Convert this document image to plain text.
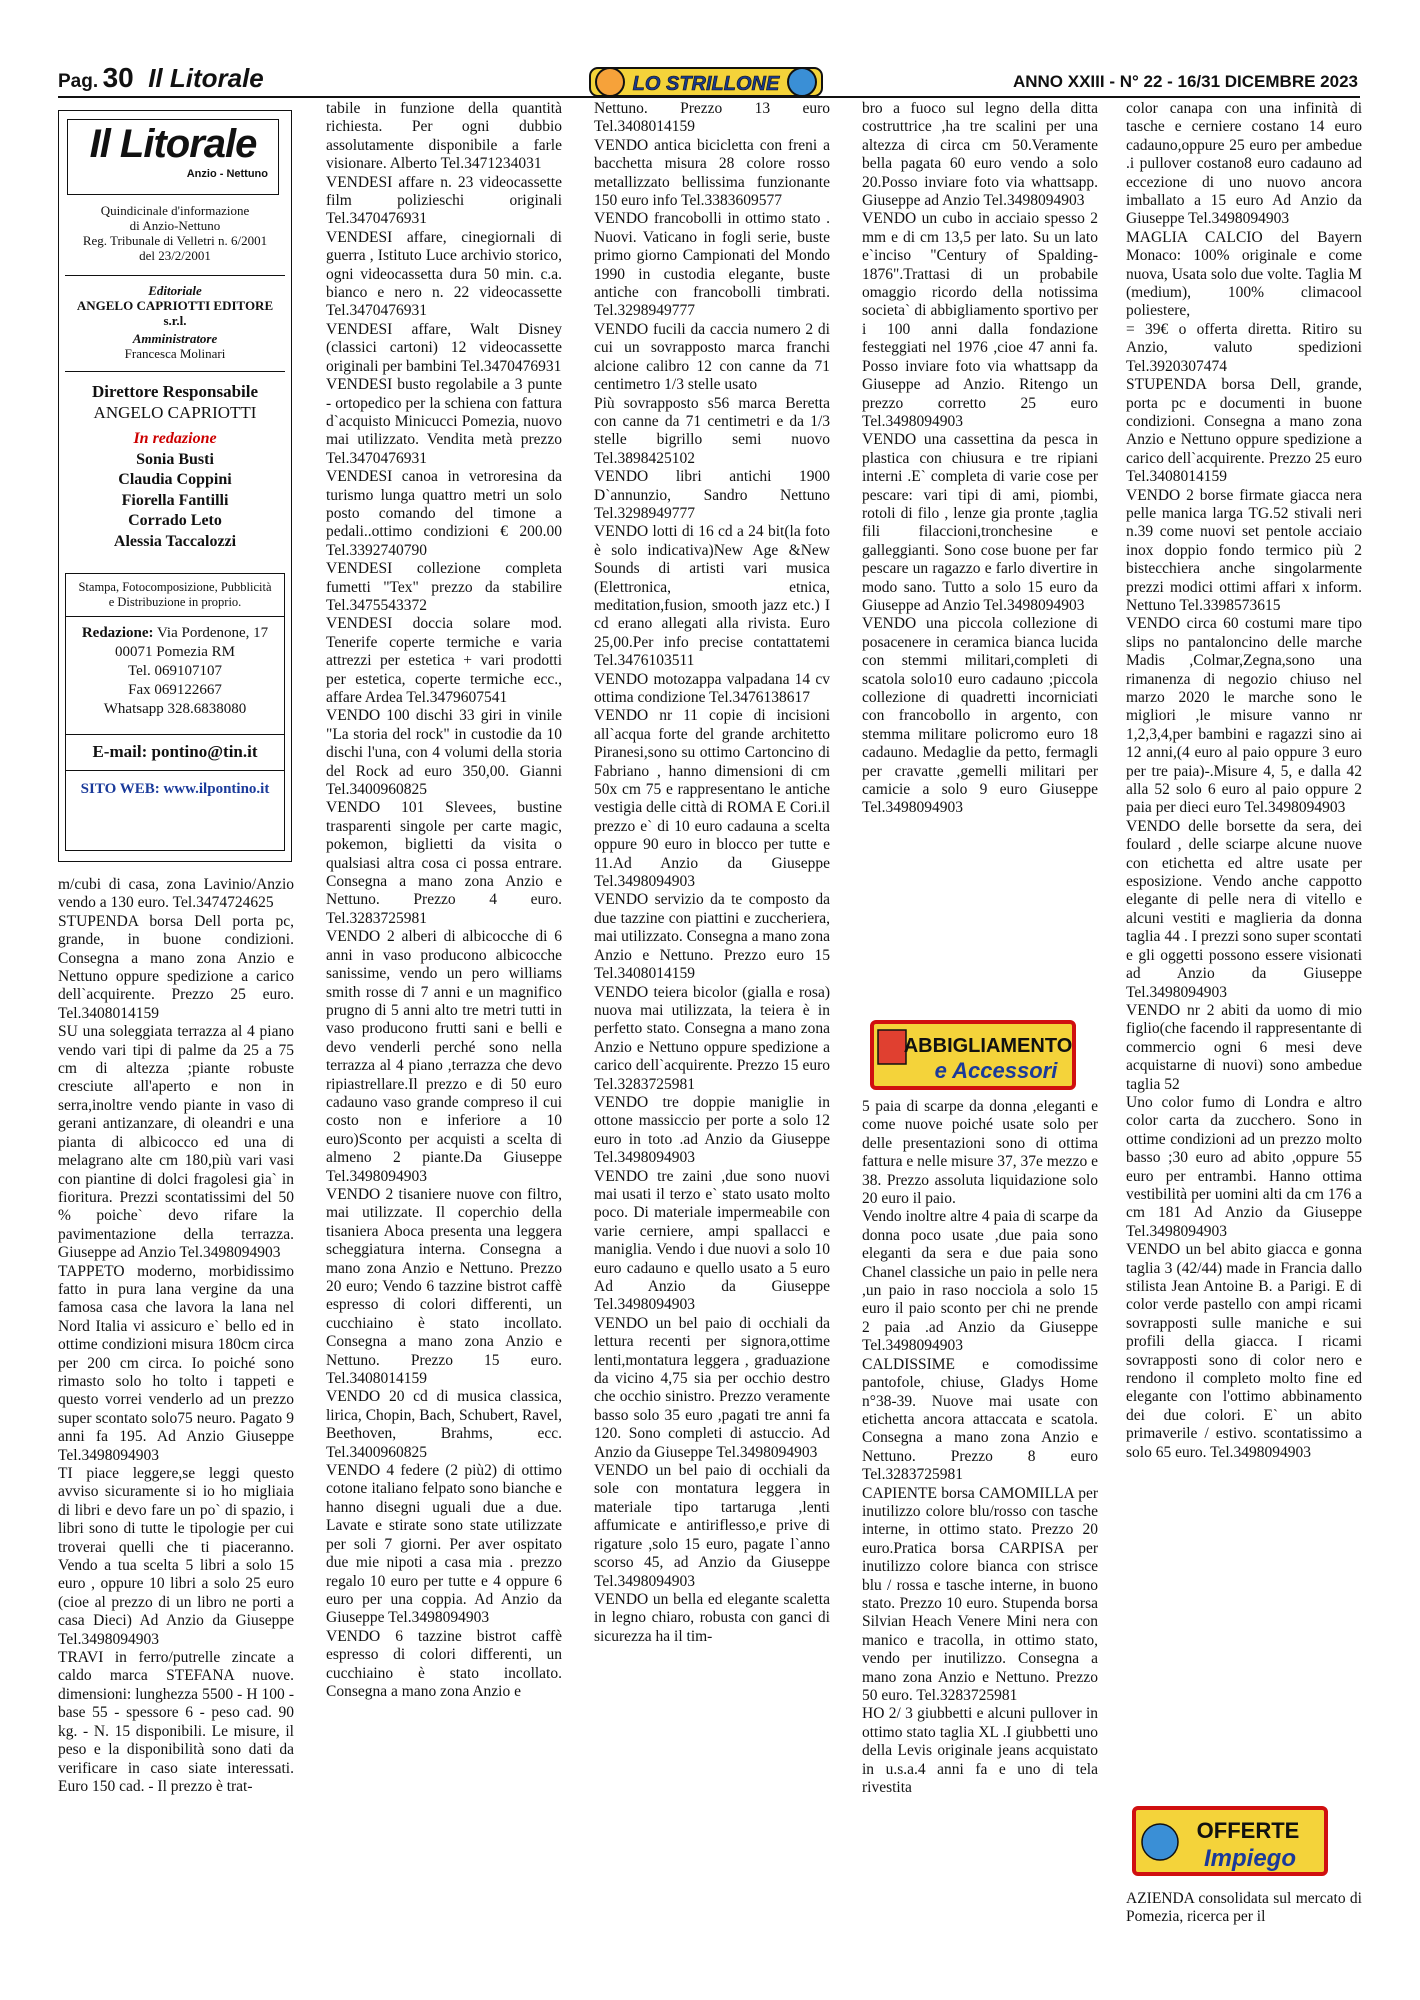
Pag. 30 Il Litorale	LO STRILLONE	ANNO XXIII - N° 22 - 16/31 DICEMBRE 2023
Il Litorale
Anzio - Nettuno
Quindicinale d'informazione
di Anzio-Nettuno
Reg. Tribunale di Velletri n. 6/2001
del 23/2/2001
Editoriale
ANGELO CAPRIOTTI EDITORE s.r.l.
Amministratore
Francesca Molinari
Direttore Responsabile
ANGELO CAPRIOTTI
In redazione
Sonia Busti
Claudia Coppini
Fiorella Fantilli
Corrado Leto
Alessia Taccalozzi
Stampa, Fotocomposizione, Pubblicità
e Distribuzione in proprio.
Redazione: Via Pordenone, 17
00071 Pomezia RM
Tel. 069107107
Fax 069122667
Whatsapp 328.6838080
E-mail: pontino@tin.it
SITO WEB: www.ilpontino.it

m/cubi di casa, zona Lavinio/Anzio vendo a 130 euro. Tel.3474724625
STUPENDA borsa Dell porta pc, grande, in buone condizioni. Consegna a mano zona Anzio e Nettuno oppure spedizione a carico dell`acquirente. Prezzo 25 euro. Tel.3408014159
SU una soleggiata terrazza al 4 piano vendo vari tipi di palme da 25 a 75 cm di altezza ;piante robuste cresciute all'aperto e non in serra,inoltre vendo piante in vaso di gerani antizanzare, di oleandri e una pianta di albicocco ed una di melagrano alte cm 180,più vari vasi con piantine di dolci fragolesi gia` in fioritura. Prezzi scontatissimi del 50 % poiche` devo rifare la pavimentazione della terrazza. Giuseppe ad Anzio Tel.3498094903
TAPPETO moderno, morbidissimo fatto in pura lana vergine da una famosa casa che lavora la lana nel Nord Italia vi assicuro e` bello ed in ottime condizioni misura 180cm circa per 200 cm circa. Io poiché sono rimasto solo ho tolto i tappeti e questo vorrei venderlo ad un prezzo super scontato solo75 neuro. Pagato 9 anni fa 195. Ad Anzio Giuseppe Tel.3498094903
TI piace leggere,se leggi questo avviso sicuramente si io ho migliaia di libri e devo fare un po` di spazio, i libri sono di tutte le tipologie per cui troverai quelli che ti piaceranno. Vendo a tua scelta 5 libri a solo 15 euro , oppure 10 libri a solo 25 euro (cioe al prezzo di un libro ne porti a casa Dieci) Ad Anzio da Giuseppe Tel.3498094903
TRAVI in ferro/putrelle zincate a caldo marca STEFANA nuove. dimensioni: lunghezza 5500 - H 100 - base 55 - spessore 6 - peso cad. 90 kg. - N. 15 disponibili. Le misure, il peso e la disponibilità sono dati da verificare in caso siate interessati. Euro 150 cad. - Il prezzo è trat-

tabile in funzione della quantità richiesta. Per ogni dubbio assolutamente disponibile a farle visionare. Alberto Tel.3471234031
VENDESI affare n. 23 videocassette film polizieschi originali Tel.3470476931
VENDESI affare, cinegiornali di guerra , Istituto Luce archivio storico, ogni videocassetta dura 50 min. c.a. bianco e nero n. 22 videocassette Tel.3470476931
VENDESI affare, Walt Disney (classici cartoni) 12 videocassette originali per bambini Tel.3470476931
VENDESI busto regolabile a 3 punte - ortopedico per la schiena con fattura d`acquisto Minicucci Pomezia, nuovo mai utilizzato. Vendita metà prezzo Tel.3470476931
VENDESI canoa in vetroresina da turismo lunga quattro metri un solo posto comando del timone a pedali..ottimo condizioni € 200.00 Tel.3392740790
VENDESI collezione completa fumetti "Tex" prezzo da stabilire Tel.3475543372
VENDESI doccia solare mod. Tenerife coperte termiche e varia attrezzi per estetica + vari prodotti per estetica, coperte termiche ecc., affare Ardea Tel.3479607541
VENDO 100 dischi 33 giri in vinile "La storia del rock" in custodie da 10 dischi l'una, con 4 volumi della storia del Rock ad euro 350,00. Gianni Tel.3400960825
VENDO 101 Slevees, bustine trasparenti singole per carte magic, pokemon, biglietti da visita o qualsiasi altra cosa ci possa entrare. Consegna a mano zona Anzio e Nettuno. Prezzo 4 euro. Tel.3283725981
VENDO 2 alberi di albicocche di 6 anni in vaso producono albicocche sanissime, vendo un pero williams smith rosse di 7 anni e un magnifico prugno di 5 anni alto tre metri tutti in vaso producono frutti sani e belli e devo venderli perché sono nella terrazza al 4 piano ,terrazza che devo ripiastrellare.Il prezzo e di 50 euro cadauno vaso grande compreso il cui costo non e inferiore a 10 euro)Sconto per acquisti a scelta di almeno 2 piante.Da Giuseppe Tel.3498094903
VENDO 2 tisaniere nuove con filtro, mai utilizzate. Il coperchio della tisaniera Aboca presenta una leggera scheggiatura interna. Consegna a mano zona Anzio e Nettuno. Prezzo 20 euro; Vendo 6 tazzine bistrot caffè espresso di colori differenti, un cucchiaino è stato incollato. Consegna a mano zona Anzio e Nettuno. Prezzo 15 euro. Tel.3408014159
VENDO 20 cd di musica classica, lirica, Chopin, Bach, Schubert, Ravel, Beethoven, Brahms, ecc. Tel.3400960825
VENDO 4 federe (2 più2) di ottimo cotone italiano felpato sono bianche e hanno disegni uguali due a due. Lavate e stirate sono state utilizzate per soli 7 giorni. Per aver ospitato due mie nipoti a casa mia . prezzo regalo 10 euro per tutte e 4 oppure 6 euro per una coppia. Ad Anzio da Giuseppe Tel.3498094903
VENDO 6 tazzine bistrot caffè espresso di colori differenti, un cucchiaino è stato incollato. Consegna a mano zona Anzio e

Nettuno. Prezzo 13 euro Tel.3408014159
VENDO antica bicicletta con freni a bacchetta misura 28 colore rosso metallizzato bellissima funzionante 150 euro info Tel.3383609577
VENDO francobolli in ottimo stato . Nuovi. Vaticano in fogli serie, buste primo giorno Campionati del Mondo 1990 in custodia elegante, buste antiche con francobolli timbrati. Tel.3298949777
VENDO fucili da caccia numero 2 di cui un sovrapposto marca franchi alcione calibro 12 con canne da 71 centimetro 1/3 stelle usato
Più sovrapposto s56 marca Beretta con canne da 71 centimetri e da 1/3 stelle bigrillo semi nuovo Tel.3898425102
VENDO libri antichi 1900 D`annunzio, Sandro Nettuno Tel.3298949777
VENDO lotti di 16 cd a 24 bit(la foto è solo indicativa)New Age &New Sounds di artisti vari musica (Elettronica, etnica, meditation,fusion, smooth jazz etc.) I cd erano allegati alla rivista. Euro 25,00.Per info precise contattatemi Tel.3476103511
VENDO motozappa valpadana 14 cv ottima condizione Tel.3476138617
VENDO nr 11 copie di incisioni all`acqua forte del grande architetto Piranesi,sono su ottimo Cartoncino di Fabriano , hanno dimensioni di cm 50x cm 75 e rappresentano le antiche vestigia delle città di ROMA E Cori.il prezzo e` di 10 euro cadauna a scelta oppure 90 euro in blocco per tutte e 11.Ad Anzio da Giuseppe Tel.3498094903
VENDO servizio da te composto da due tazzine con piattini e zuccheriera, mai utilizzato. Consegna a mano zona Anzio e Nettuno. Prezzo euro 15 Tel.3408014159
VENDO teiera bicolor (gialla e rosa) nuova mai utilizzata, la teiera è in perfetto stato. Consegna a mano zona Anzio e Nettuno oppure spedizione a carico dell`acquirente. Prezzo 15 euro Tel.3283725981
VENDO tre doppie maniglie in ottone massiccio per porte a solo 12 euro in toto .ad Anzio da Giuseppe Tel.3498094903
VENDO tre zaini ,due sono nuovi mai usati il terzo e` stato usato molto poco. Di materiale impermeabile con varie cerniere, ampi spallacci e maniglia. Vendo i due nuovi a solo 10 euro cadauno e quello usato a 5 euro Ad Anzio da Giuseppe Tel.3498094903
VENDO un bel paio di occhiali da lettura recenti per signora,ottime lenti,montatura leggera , graduazione da vicino 4,75 sia per occhio destro che occhio sinistro. Prezzo veramente basso solo 35 euro ,pagati tre anni fa 120. Sono completi di astuccio. Ad Anzio da Giuseppe Tel.3498094903
VENDO un bel paio di occhiali da sole con montatura leggera in materiale tipo tartaruga ,lenti affumicate e antiriflesso,e prive di rigature ,solo 15 euro, pagate l`anno scorso 45, ad Anzio da Giuseppe Tel.3498094903
VENDO un bella ed elegante scaletta in legno chiaro, robusta con ganci di sicurezza ha il tim-

bro a fuoco sul legno della ditta costruttrice ,ha tre scalini per una altezza di circa cm 50.Veramente bella pagata 60 euro vendo a solo 20.Posso inviare foto via whattsapp. Giuseppe ad Anzio Tel.3498094903
VENDO un cubo in acciaio spesso 2 mm e di cm 13,5 per lato. Su un lato e`inciso "Century of Spalding-1876".Trattasi di un probabile omaggio ricordo della notissima societa` di abbigliamento sportivo per i 100 anni dalla fondazione festeggiati nel 1976 ,cioe 47 anni fa. Posso inviare foto via whattsapp da Giuseppe ad Anzio. Ritengo un prezzo corretto 25 euro Tel.3498094903
VENDO una cassettina da pesca in plastica con chiusura e tre ripiani interni .E` completa di varie cose per pescare: vari tipi di ami, piombi, rotoli di filo , lenze gia pronte ,taglia fili filaccioni,tronchesine e galleggianti. Sono cose buone per far pescare un ragazzo e farlo divertire in modo sano. Tutto a solo 15 euro da Giuseppe ad Anzio Tel.3498094903
VENDO una piccola collezione di posacenere in ceramica bianca lucida con stemmi militari,completi di scatola solo10 euro cadauno ;piccola collezione di quadretti incorniciati con francobollo in argento, con stemma militare policromo euro 18 cadauno. Medaglie da petto, fermagli per cravatte ,gemelli militari per camicie a solo 9 euro Giuseppe Tel.3498094903

ABBIGLIAMENTO
e Accessori

5 paia di scarpe da donna ,eleganti e come nuove poiché usate solo per delle presentazioni sono di ottima fattura e nelle misure 37, 37e mezzo e 38. Prezzo assoluta liquidazione solo 20 euro il paio.
Vendo inoltre altre 4 paia di scarpe da donna poco usate ,due paia sono eleganti da sera e due paia sono Chanel classiche un paio in pelle nera ,un paio in raso nocciola a solo 15 euro il paio sconto per chi ne prende 2 paia .ad Anzio da Giuseppe Tel.3498094903
CALDISSIME e comodissime pantofole, chiuse, Gladys Home n°38-39. Nuove mai usate con etichetta ancora attaccata e scatola. Consegna a mano zona Anzio e Nettuno. Prezzo 8 euro Tel.3283725981
CAPIENTE borsa CAMOMILLA per inutilizzo colore blu/rosso con tasche interne, in ottimo stato. Prezzo 20 euro.Pratica borsa CARPISA per inutilizzo colore bianca con strisce blu / rossa e tasche interne, in buono stato. Prezzo 10 euro. Stupenda borsa Silvian Heach Venere Mini nera con manico e tracolla, in ottimo stato, vendo per inutilizzo. Consegna a mano zona Anzio e Nettuno. Prezzo 50 euro. Tel.3283725981
HO 2/ 3 giubbetti e alcuni pullover in ottimo stato taglia XL .I giubbetti uno della Levis originale jeans acquistato in u.s.a.4 anni fa e uno di tela rivestita

color canapa con una infinità di tasche e cerniere costano 14 euro cadauno,oppure 25 euro per ambedue .i pullover costano8 euro cadauno ad eccezione di uno nuovo ancora imballato a 15 euro Ad Anzio da Giuseppe Tel.3498094903
MAGLIA CALCIO del Bayern Monaco: 100% originale e come nuova, Usata solo due volte. Taglia M (medium), 100% climacool poliestere,
= 39€ o offerta diretta. Ritiro su Anzio, valuto spedizioni Tel.3920307474
STUPENDA borsa Dell, grande, porta pc e documenti in buone condizioni. Consegna a mano zona Anzio e Nettuno oppure spedizione a carico dell`acquirente. Prezzo 25 euro Tel.3408014159
VENDO 2 borse firmate giacca nera pelle manica larga TG.52 stivali neri n.39 come nuovi set pentole acciaio inox doppio fondo termico più 2 bistecchiera anche singolarmente prezzi modici ottimi affari x inform. Nettuno Tel.3398573615
VENDO circa 60 costumi mare tipo slips no pantaloncino delle marche Madis ,Colmar,Zegna,sono una rimanenza di negozio chiuso nel marzo 2020 le marche sono le migliori ,le misure vanno nr 1,2,3,4,per bambini e ragazzi sino ai 12 anni,(4 euro al paio oppure 3 euro per tre paia)-.Misure 4, 5, e dalla 42 alla 52 solo 6 euro al paio oppure 2 paia per dieci euro Tel.3498094903
VENDO delle borsette da sera, dei foulard , delle sciarpe alcune nuove con etichetta ed altre usate per esposizione. Vendo anche cappotto elegante di pelle nera di vitello e alcuni vestiti e maglieria da donna taglia 44 . I prezzi sono super scontati e gli oggetti possono essere visionati ad Anzio da Giuseppe Tel.3498094903
VENDO nr 2 abiti da uomo di mio figlio(che facendo il rappresentante di commercio ogni 6 mesi deve acquistarne di nuovi) sono ambedue taglia 52
Uno color fumo di Londra e altro color carta da zucchero. Sono in ottime condizioni ad un prezzo molto basso ;30 euro ad abito ,oppure 55 euro per entrambi. Hanno ottima vestibilità per uomini alti da cm 176 a cm 181 Ad Anzio da Giuseppe Tel.3498094903
VENDO un bel abito giacca e gonna taglia 3 (42/44) made in Francia dallo stilista Jean Antoine B. a Parigi. E di color verde pastello con ampi ricami sovrapposti sulle maniche e sui profili della giacca. I ricami sovrapposti sono di color nero e rendono il completo molto fine ed elegante con l'ottimo abbinamento dei due colori. E` un abito primaverile / estivo. scontatissimo a solo 65 euro. Tel.3498094903

OFFERTE
Impiego

AZIENDA consolidata sul mercato di Pomezia, ricerca per il
